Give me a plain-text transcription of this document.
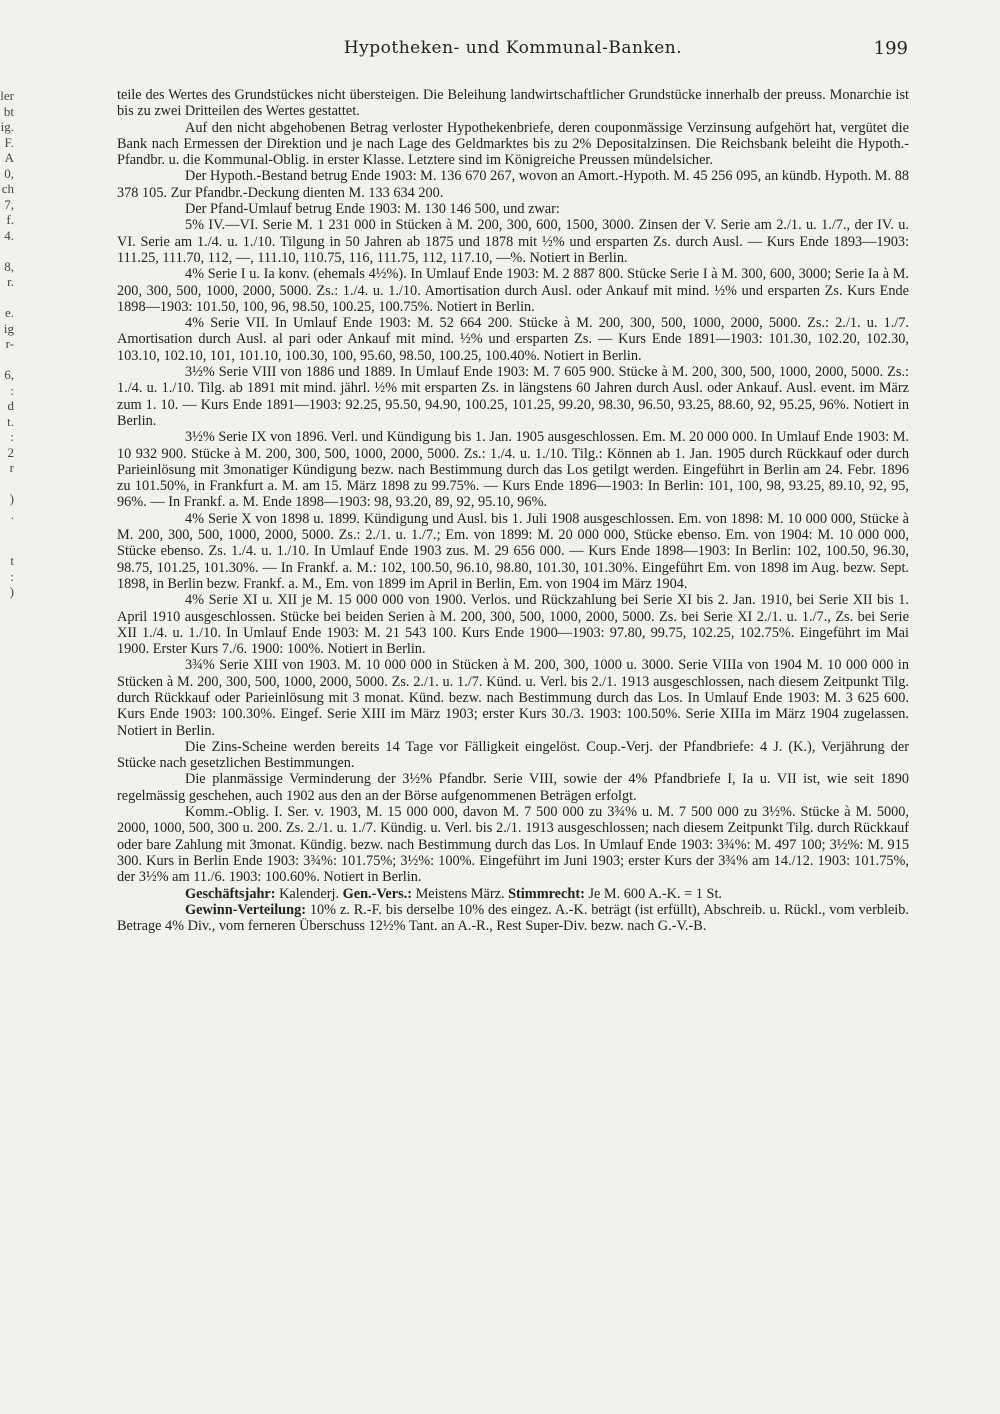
ler
bt
ig.
F.
A
0,
ch
7,
f.
4.

8,
r.

e.
ig
r-

6,
:
d
t.
:
2
r

)
.

t
:
)
Hypotheken- und Kommunal-Banken.	199

teile des Wertes des Grundstückes nicht übersteigen. Die Beleihung landwirtschaftlicher Grundstücke innerhalb der preuss. Monarchie ist bis zu zwei Dritteilen des Wertes gestattet.

Auf den nicht abgehobenen Betrag verloster Hypothekenbriefe, deren couponmässige Verzinsung aufgehört hat, vergütet die Bank nach Ermessen der Direktion und je nach Lage des Geldmarktes bis zu 2% Depositalzinsen. Die Reichsbank beleiht die Hypoth.-Pfandbr. u. die Kommunal-Oblig. in erster Klasse. Letztere sind im Königreiche Preussen mündelsicher.

Der Hypoth.-Bestand betrug Ende 1903: M. 136 670 267, wovon an Amort.-Hypoth. M. 45 256 095, an kündb. Hypoth. M. 88 378 105. Zur Pfandbr.-Deckung dienten M. 133 634 200.

Der Pfand-Umlauf betrug Ende 1903: M. 130 146 500, und zwar:

5% IV.—VI. Serie M. 1 231 000 in Stücken à M. 200, 300, 600, 1500, 3000. Zinsen der V. Serie am 2./1. u. 1./7., der IV. u. VI. Serie am 1./4. u. 1./10. Tilgung in 50 Jahren ab 1875 und 1878 mit ½% und ersparten Zs. durch Ausl. — Kurs Ende 1893—1903: 111.25, 111.70, 112, —, 111.10, 110.75, 116, 111.75, 112, 117.10, —%. Notiert in Berlin.

4% Serie I u. Ia konv. (ehemals 4½%). In Umlauf Ende 1903: M. 2 887 800. Stücke Serie I à M. 300, 600, 3000; Serie Ia à M. 200, 300, 500, 1000, 2000, 5000. Zs.: 1./4. u. 1./10. Amortisation durch Ausl. oder Ankauf mit mind. ½% und ersparten Zs. Kurs Ende 1898—1903: 101.50, 100, 96, 98.50, 100.25, 100.75%. Notiert in Berlin.

4% Serie VII. In Umlauf Ende 1903: M. 52 664 200. Stücke à M. 200, 300, 500, 1000, 2000, 5000. Zs.: 2./1. u. 1./7. Amortisation durch Ausl. al pari oder Ankauf mit mind. ½% und ersparten Zs. — Kurs Ende 1891—1903: 101.30, 102.20, 102.30, 103.10, 102.10, 101, 101.10, 100.30, 100, 95.60, 98.50, 100.25, 100.40%. Notiert in Berlin.

3½% Serie VIII von 1886 und 1889. In Umlauf Ende 1903: M. 7 605 900. Stücke à M. 200, 300, 500, 1000, 2000, 5000. Zs.: 1./4. u. 1./10. Tilg. ab 1891 mit mind. jährl. ½% mit ersparten Zs. in längstens 60 Jahren durch Ausl. oder Ankauf. Ausl. event. im März zum 1. 10. — Kurs Ende 1891—1903: 92.25, 95.50, 94.90, 100.25, 101.25, 99.20, 98.30, 96.50, 93.25, 88.60, 92, 95.25, 96%. Notiert in Berlin.

3½% Serie IX von 1896. Verl. und Kündigung bis 1. Jan. 1905 ausgeschlossen. Em. M. 20 000 000. In Umlauf Ende 1903: M. 10 932 900. Stücke à M. 200, 300, 500, 1000, 2000, 5000. Zs.: 1./4. u. 1./10. Tilg.: Können ab 1. Jan. 1905 durch Rückkauf oder durch Parieinlösung mit 3monatiger Kündigung bezw. nach Bestimmung durch das Los getilgt werden. Eingeführt in Berlin am 24. Febr. 1896 zu 101.50%, in Frankfurt a. M. am 15. März 1898 zu 99.75%. — Kurs Ende 1896—1903: In Berlin: 101, 100, 98, 93.25, 89.10, 92, 95, 96%. — In Frankf. a. M. Ende 1898—1903: 98, 93.20, 89, 92, 95.10, 96%.

4% Serie X von 1898 u. 1899. Kündigung und Ausl. bis 1. Juli 1908 ausgeschlossen. Em. von 1898: M. 10 000 000, Stücke à M. 200, 300, 500, 1000, 2000, 5000. Zs.: 2./1. u. 1./7.; Em. von 1899: M. 20 000 000, Stücke ebenso. Em. von 1904: M. 10 000 000, Stücke ebenso. Zs. 1./4. u. 1./10. In Umlauf Ende 1903 zus. M. 29 656 000. — Kurs Ende 1898—1903: In Berlin: 102, 100.50, 96.30, 98.75, 101.25, 101.30%. — In Frankf. a. M.: 102, 100.50, 96.10, 98.80, 101.30, 101.30%. Eingeführt Em. von 1898 im Aug. bezw. Sept. 1898, in Berlin bezw. Frankf. a. M., Em. von 1899 im April in Berlin, Em. von 1904 im März 1904.

4% Serie XI u. XII je M. 15 000 000 von 1900. Verlos. und Rückzahlung bei Serie XI bis 2. Jan. 1910, bei Serie XII bis 1. April 1910 ausgeschlossen. Stücke bei beiden Serien à M. 200, 300, 500, 1000, 2000, 5000. Zs. bei Serie XI 2./1. u. 1./7., Zs. bei Serie XII 1./4. u. 1./10. In Umlauf Ende 1903: M. 21 543 100. Kurs Ende 1900—1903: 97.80, 99.75, 102.25, 102.75%. Eingeführt im Mai 1900. Erster Kurs 7./6. 1900: 100%. Notiert in Berlin.

3¾% Serie XIII von 1903. M. 10 000 000 in Stücken à M. 200, 300, 1000 u. 3000. Serie VIIIa von 1904 M. 10 000 000 in Stücken à M. 200, 300, 500, 1000, 2000, 5000. Zs. 2./1. u. 1./7. Künd. u. Verl. bis 2./1. 1913 ausgeschlossen, nach diesem Zeitpunkt Tilg. durch Rückkauf oder Parieinlösung mit 3 monat. Künd. bezw. nach Bestimmung durch das Los. In Umlauf Ende 1903: M. 3 625 600. Kurs Ende 1903: 100.30%. Eingef. Serie XIII im März 1903; erster Kurs 30./3. 1903: 100.50%. Serie XIIIa im März 1904 zugelassen. Notiert in Berlin.

Die Zins-Scheine werden bereits 14 Tage vor Fälligkeit eingelöst. Coup.-Verj. der Pfandbriefe: 4 J. (K.), Verjährung der Stücke nach gesetzlichen Bestimmungen.

Die planmässige Verminderung der 3½% Pfandbr. Serie VIII, sowie der 4% Pfandbriefe I, Ia u. VII ist, wie seit 1890 regelmässig geschehen, auch 1902 aus den an der Börse aufgenommenen Beträgen erfolgt.

Komm.-Oblig. I. Ser. v. 1903, M. 15 000 000, davon M. 7 500 000 zu 3¾% u. M. 7 500 000 zu 3½%. Stücke à M. 5000, 2000, 1000, 500, 300 u. 200. Zs. 2./1. u. 1./7. Kündig. u. Verl. bis 2./1. 1913 ausgeschlossen; nach diesem Zeitpunkt Tilg. durch Rückkauf oder bare Zahlung mit 3monat. Kündig. bezw. nach Bestimmung durch das Los. In Umlauf Ende 1903: 3¾%: M. 497 100; 3½%: M. 915 300. Kurs in Berlin Ende 1903: 3¾%: 101.75%; 3½%: 100%. Eingeführt im Juni 1903; erster Kurs der 3¾% am 14./12. 1903: 101.75%, der 3½% am 11./6. 1903: 100.60%. Notiert in Berlin.

Geschäftsjahr: Kalenderj. Gen.-Vers.: Meistens März. Stimmrecht: Je M. 600 A.-K. = 1 St.

Gewinn-Verteilung: 10% z. R.-F. bis derselbe 10% des eingez. A.-K. beträgt (ist erfüllt), Abschreib. u. Rückl., vom verbleib. Betrage 4% Div., vom ferneren Überschuss 12½% Tant. an A.-R., Rest Super-Div. bezw. nach G.-V.-B.
